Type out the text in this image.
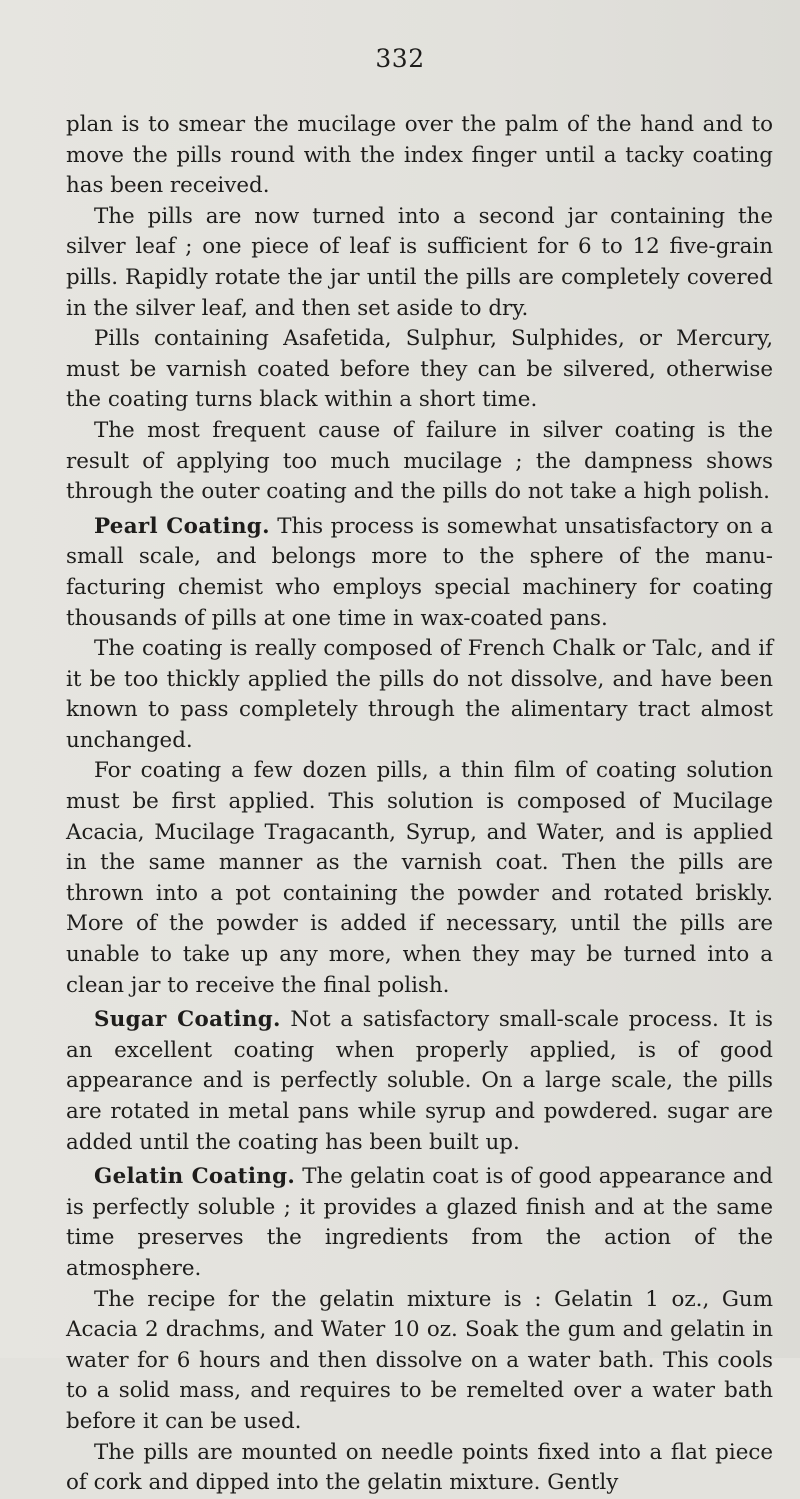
332

plan is to smear the mucilage over the palm of the hand and to move the pills round with the index finger until a tacky coating has been received.

The pills are now turned into a second jar containing the silver leaf ; one piece of leaf is sufficient for 6 to 12 five-grain pills. Rapidly rotate the jar until the pills are completely covered in the silver leaf, and then set aside to dry.

Pills containing Asafetida, Sulphur, Sulphides, or Mercury, must be varnish coated before they can be silvered, otherwise the coating turns black within a short time.

The most frequent cause of failure in silver coating is the result of applying too much mucilage ; the dampness shows through the outer coating and the pills do not take a high polish.

Pearl Coating. This process is somewhat unsatisfactory on a small scale, and belongs more to the sphere of the manu-facturing chemist who employs special machinery for coating thousands of pills at one time in wax-coated pans.

The coating is really composed of French Chalk or Talc, and if it be too thickly applied the pills do not dissolve, and have been known to pass completely through the alimentary tract almost unchanged.

For coating a few dozen pills, a thin film of coating solution must be first applied. This solution is composed of Mucilage Acacia, Mucilage Tragacanth, Syrup, and Water, and is applied in the same manner as the varnish coat. Then the pills are thrown into a pot containing the powder and rotated briskly. More of the powder is added if necessary, until the pills are unable to take up any more, when they may be turned into a clean jar to receive the final polish.

Sugar Coating. Not a satisfactory small-scale process. It is an excellent coating when properly applied, is of good appearance and is perfectly soluble. On a large scale, the pills are rotated in metal pans while syrup and powdered. sugar are added until the coating has been built up.

Gelatin Coating. The gelatin coat is of good appearance and is perfectly soluble ; it provides a glazed finish and at the same time preserves the ingredients from the action of the atmosphere.

The recipe for the gelatin mixture is : Gelatin 1 oz., Gum Acacia 2 drachms, and Water 10 oz. Soak the gum and gelatin in water for 6 hours and then dissolve on a water bath. This cools to a solid mass, and requires to be remelted over a water bath before it can be used.

The pills are mounted on needle points fixed into a flat piece of cork and dipped into the gelatin mixture. Gently
